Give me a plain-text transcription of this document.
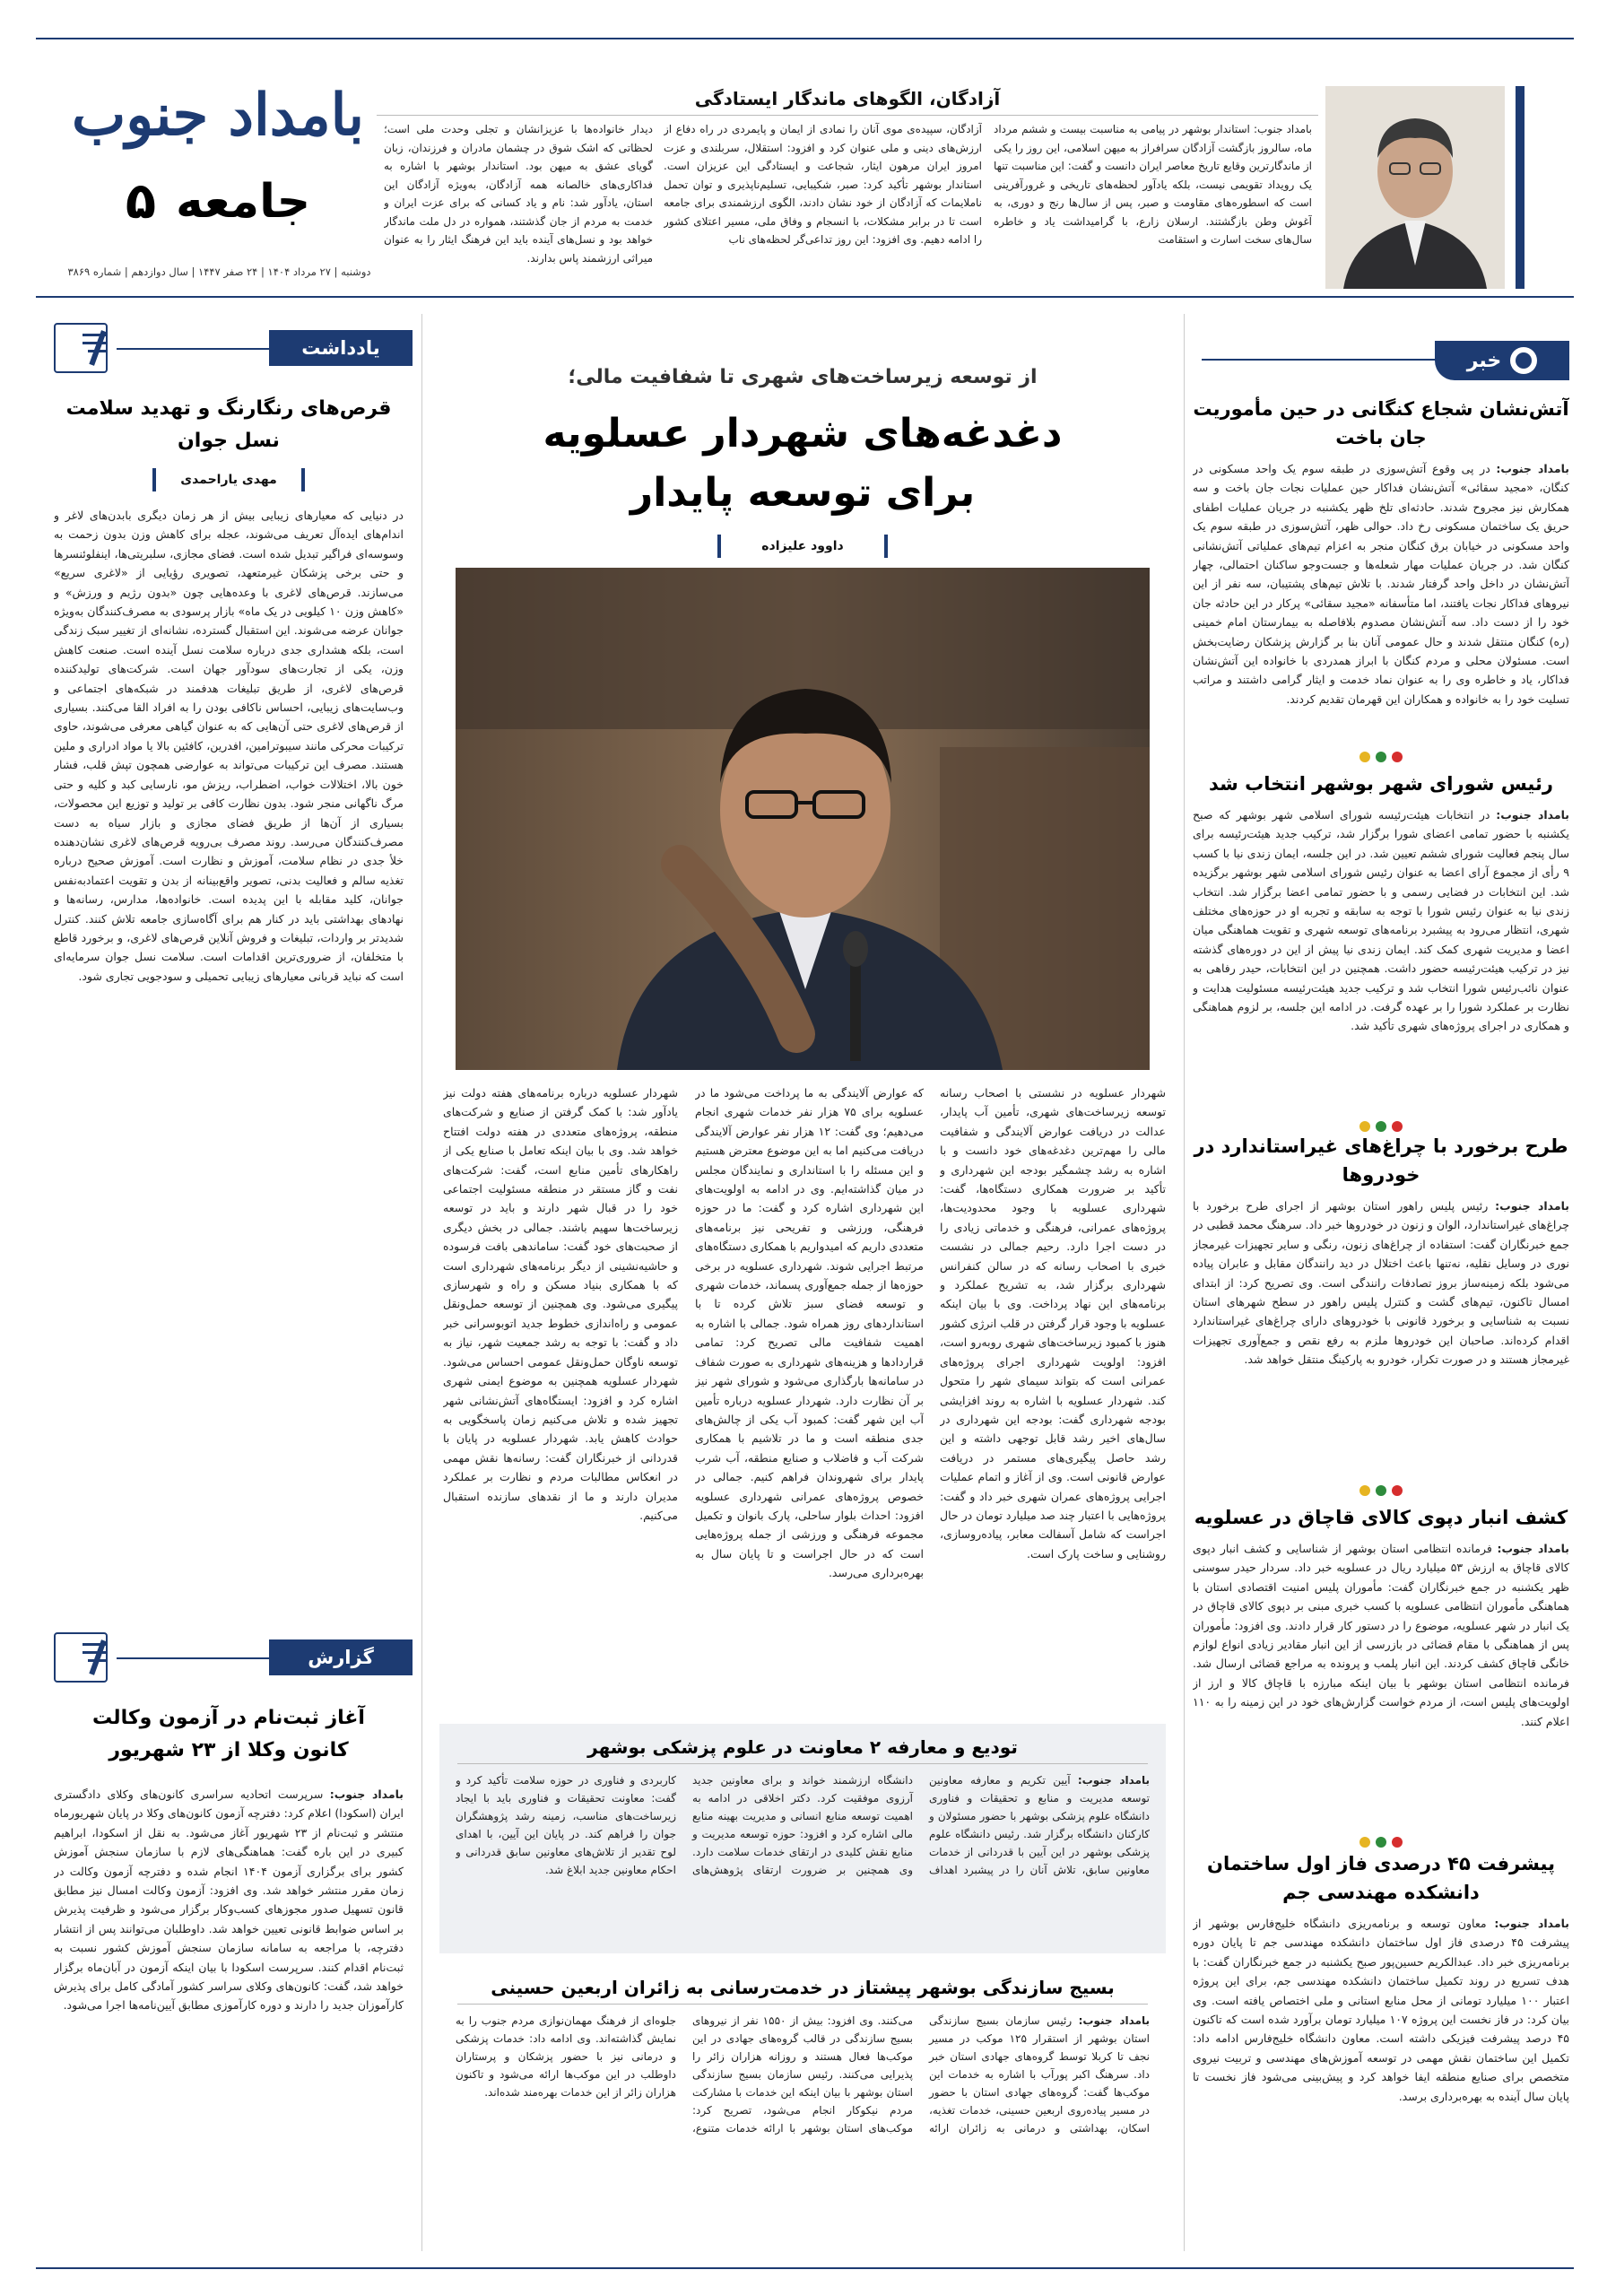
بامداد جنوب
جامعه
۵
دوشنبه | ۲۷ مرداد ۱۴۰۴ | ۲۴ صفر ۱۴۴۷ | سال دوازدهم | شماره ۳۸۶۹
آزادگان، الگوهای ماندگار ایستادگی
بامداد جنوب: استاندار بوشهر در پیامی به مناسبت بیست و ششم مرداد ماه، سالروز بازگشت آزادگان سرافراز به میهن اسلامی، این روز را یکی از ماندگارترین وقایع تاریخ معاصر ایران دانست و گفت: این مناسبت تنها یک رویداد تقویمی نیست، بلکه یادآور لحظه‌های تاریخی و غرورآفرینی است که اسطوره‌های مقاومت و صبر، پس از سال‌ها رنج و دوری، به آغوش وطن بازگشتند. ارسلان زارع، با گرامیداشت یاد و خاطره سال‌های سخت اسارت و استقامت
آزادگان، سپیده‌ی موی آنان را نمادی از ایمان و پایمردی در راه دفاع از ارزش‌های دینی و ملی عنوان کرد و افزود: استقلال، سربلندی و عزت امروز ایران مرهون ایثار، شجاعت و ایستادگی این عزیزان است. استاندار بوشهر تأکید کرد: صبر، شکیبایی، تسلیم‌ناپذیری و توان تحمل ناملایمات که آزادگان از خود نشان دادند، الگوی ارزشمندی برای جامعه است تا در برابر مشکلات، با انسجام و وفاق ملی، مسیر اعتلای کشور را ادامه دهیم. وی افزود: این روز تداعی‌گر لحظه‌های ناب
دیدار خانواده‌ها با عزیزانشان و تجلی وحدت ملی است؛ لحظاتی که اشک شوق در چشمان مادران و فرزندان، زبان گویای عشق به میهن بود. استاندار بوشهر با اشاره به فداکاری‌های خالصانه همه آزادگان، به‌ویژه آزادگان این استان، یادآور شد: نام و یاد کسانی که برای عزت ایران و خدمت به مردم از جان گذشتند، همواره در دل ملت ماندگار خواهد بود و نسل‌های آینده باید این فرهنگ ایثار را به عنوان میراثی ارزشمند پاس بدارند.
خبر
آتش‌نشان شجاع کنگانی در حین مأموریت جان باخت
بامداد جنوب: در پی وقوع آتش‌سوزی در طبقه سوم یک واحد مسکونی در کنگان، «مجید سقائی» آتش‌نشان فداکار حین عملیات نجات جان باخت و سه همکارش نیز مجروح شدند. حادثه‌ای تلخ ظهر یکشنبه در جریان عملیات اطفای حریق یک ساختمان مسکونی رخ داد. حوالی ظهر، آتش‌سوزی در طبقه سوم یک واحد مسکونی در خیابان برق کنگان منجر به اعزام تیم‌های عملیاتی آتش‌نشانی کنگان شد. در جریان عملیات مهار شعله‌ها و جست‌وجو ساکنان احتمالی، چهار آتش‌نشان در داخل واحد گرفتار شدند. با تلاش تیم‌های پشتیبان، سه نفر از این نیروهای فداکار نجات یافتند، اما متأسفانه «مجید سقائی» پرکار در این حادثه جان خود را از دست داد. سه آتش‌نشان مصدوم بلافاصله به بیمارستان امام خمینی (ره) کنگان منتقل شدند و حال عمومی آنان بنا بر گزارش پزشکان رضایت‌بخش است. مسئولان محلی و مردم کنگان با ابراز همدردی با خانواده این آتش‌نشان فداکار، یاد و خاطره وی را به عنوان نماد خدمت و ایثار گرامی داشتند و مراتب تسلیت خود را به خانواده و همکاران این قهرمان تقدیم کردند.
رئیس شورای شهر بوشهر انتخاب شد
بامداد جنوب: در انتخابات هیئت‌رئیسه شورای اسلامی شهر بوشهر که صبح یکشنبه با حضور تمامی اعضای شورا برگزار شد، ترکیب جدید هیئت‌رئیسه برای سال پنجم فعالیت شورای ششم تعیین شد. در این جلسه، ایمان زندی نیا با کسب ۹ رأی از مجموع آرای اعضا به عنوان رئیس شورای اسلامی شهر بوشهر برگزیده شد. این انتخابات در فضایی رسمی و با حضور تمامی اعضا برگزار شد. انتخاب زندی نیا به عنوان رئیس شورا با توجه به سابقه و تجربه او در حوزه‌های مختلف شهری، انتظار می‌رود به پیشبرد برنامه‌های توسعه شهری و تقویت هماهنگی میان اعضا و مدیریت شهری کمک کند. ایمان زندی نیا پیش از این در دوره‌های گذشته نیز در ترکیب هیئت‌رئیسه حضور داشت. همچنین در این انتخابات، حیدر رفاهی به عنوان نائب‌رئیس شورا انتخاب شد و ترکیب جدید هیئت‌رئیسه مسئولیت هدایت و نظارت بر عملکرد شورا را بر عهده گرفت. در ادامه این جلسه، بر لزوم هماهنگی و همکاری در اجرای پروژه‌های شهری تأکید شد.
طرح برخورد با چراغ‌های غیراستاندارد در خودروها
بامداد جنوب: رئیس پلیس راهور استان بوشهر از اجرای طرح برخورد با چراغ‌های غیراستاندارد، الوان و زنون در خودروها خبر داد. سرهنگ محمد قطبی در جمع خبرنگاران گفت: استفاده از چراغ‌های زنون، رنگی و سایر تجهیزات غیرمجاز نوری در وسایل نقلیه، نه‌تنها باعث اختلال در دید رانندگان مقابل و عابران پیاده می‌شود بلکه زمینه‌ساز بروز تصادفات رانندگی است. وی تصریح کرد: از ابتدای امسال تاکنون، تیم‌های گشت و کنترل پلیس راهور در سطح شهرهای استان نسبت به شناسایی و برخورد قانونی با خودروهای دارای چراغ‌های غیراستاندارد اقدام کرده‌اند. صاحبان این خودروها ملزم به رفع نقص و جمع‌آوری تجهیزات غیرمجاز هستند و در صورت تکرار، خودرو به پارکینگ منتقل خواهد شد.
کشف انبار دپوی کالای قاچاق در عسلویه
بامداد جنوب: فرمانده انتظامی استان بوشهر از شناسایی و کشف انبار دپوی کالای قاچاق به ارزش ۵۳ میلیارد ریال در عسلویه خبر داد. سردار حیدر سوسنی ظهر یکشنبه در جمع خبرنگاران گفت: مأموران پلیس امنیت اقتصادی استان با هماهنگی مأموران انتظامی عسلویه با کسب خبری مبنی بر دپوی کالای قاچاق در یک انبار در شهر عسلویه، موضوع را در دستور کار قرار دادند. وی افزود: مأموران پس از هماهنگی با مقام قضائی در بازرسی از این انبار مقادیر زیادی انواع لوازم خانگی قاچاق کشف کردند. این انبار پلمب و پرونده به مراجع قضائی ارسال شد. فرمانده انتظامی استان بوشهر با بیان اینکه مبارزه با قاچاق کالا و ارز از اولویت‌های پلیس است، از مردم خواست گزارش‌های خود در این زمینه را به ۱۱۰ اعلام کنند.
پیشرفت ۴۵ درصدی فاز اول ساختمان دانشکده مهندسی جم
بامداد جنوب: معاون توسعه و برنامه‌ریزی دانشگاه خلیج‌فارس بوشهر از پیشرفت ۴۵ درصدی فاز اول ساختمان دانشکده مهندسی جم تا پایان دوره برنامه‌ریزی خبر داد. عبدالکریم حسین‌پور صبح یکشنبه در جمع خبرنگاران گفت: با هدف تسریع در روند تکمیل ساختمان دانشکده مهندسی جم، برای این پروژه اعتبار ۱۰۰ میلیارد تومانی از محل منابع استانی و ملی اختصاص یافته است. وی بیان کرد: در فاز نخست این پروژه ۱۰۷ میلیارد تومان برآورد شده است که تاکنون ۴۵ درصد پیشرفت فیزیکی داشته است. معاون دانشگاه خلیج‌فارس ادامه داد: تکمیل این ساختمان نقش مهمی در توسعه آموزش‌های مهندسی و تربیت نیروی متخصص برای صنایع منطقه ایفا خواهد کرد و پیش‌بینی می‌شود فاز نخست تا پایان سال آینده به بهره‌برداری برسد.
از توسعه زیرساخت‌های شهری تا شفافیت مالی؛
دغدغه‌های شهردار عسلویه
برای توسعه پایدار
داوود علیزاده
شهردار عسلویه در نشستی با اصحاب رسانه توسعه زیرساخت‌های شهری، تأمین آب پایدار، عدالت در دریافت عوارض آلایندگی و شفافیت مالی را مهم‌ترین دغدغه‌های خود دانست و با اشاره به رشد چشمگیر بودجه این شهرداری و تأکید بر ضرورت همکاری دستگاه‌ها، گفت: شهرداری عسلویه با وجود محدودیت‌ها، پروژه‌های عمرانی، فرهنگی و خدماتی زیادی را در دست اجرا دارد. رحیم جمالی در نشست خبری با اصحاب رسانه که در سالن کنفرانس شهرداری برگزار شد، به تشریح عملکرد و برنامه‌های این نهاد پرداخت. وی با بیان اینکه عسلویه با وجود قرار گرفتن در قلب انرژی کشور هنوز با کمبود زیرساخت‌های شهری روبه‌رو است، افزود: اولویت شهرداری اجرای پروژه‌های عمرانی است که بتواند سیمای شهر را متحول کند. شهردار عسلویه با اشاره به روند افزایشی بودجه شهرداری گفت: بودجه این شهرداری در سال‌های اخیر رشد قابل توجهی داشته و این رشد حاصل پیگیری‌های مستمر در دریافت عوارض قانونی است. وی از آغاز و اتمام عملیات اجرایی پروژه‌های عمران شهری خبر داد و گفت: پروژه‌هایی با اعتبار چند صد میلیارد تومان در حال اجراست که شامل آسفالت معابر، پیاده‌روسازی، روشنایی و ساخت پارک است.
که عوارض آلایندگی به ما پرداخت می‌شود ما در عسلویه برای ۷۵ هزار نفر خدمات شهری انجام می‌دهیم؛ وی گفت: ۱۲ هزار نفر عوارض آلایندگی دریافت می‌کنیم اما به این موضوع معترض هستیم و این مسئله را با استانداری و نمایندگان مجلس در میان گذاشته‌ایم. وی در ادامه به اولویت‌های این شهرداری اشاره کرد و گفت: ما در حوزه فرهنگی، ورزشی و تفریحی نیز برنامه‌های متعددی داریم که امیدواریم با همکاری دستگاه‌های مرتبط اجرایی شوند. شهرداری عسلویه در برخی حوزه‌ها از جمله جمع‌آوری پسماند، خدمات شهری و توسعه فضای سبز تلاش کرده تا با استانداردهای روز همراه شود. جمالی با اشاره به اهمیت شفافیت مالی تصریح کرد: تمامی قراردادها و هزینه‌های شهرداری به صورت شفاف در سامانه‌ها بارگذاری می‌شود و شورای شهر نیز بر آن نظارت دارد. شهردار عسلویه درباره تأمین آب این شهر گفت: کمبود آب یکی از چالش‌های جدی منطقه است و ما در تلاشیم با همکاری شرکت آب و فاضلاب و صنایع منطقه، آب شرب پایدار برای شهروندان فراهم کنیم. جمالی در خصوص پروژه‌های عمرانی شهرداری عسلویه افزود: احداث بلوار ساحلی، پارک بانوان و تکمیل مجموعه فرهنگی و ورزشی از جمله پروژه‌هایی است که در حال اجراست و تا پایان سال به بهره‌برداری می‌رسد.
شهردار عسلویه درباره برنامه‌های هفته دولت نیز یادآور شد: با کمک گرفتن از صنایع و شرکت‌های منطقه، پروژه‌های متعددی در هفته دولت افتتاح خواهد شد. وی با بیان اینکه تعامل با صنایع یکی از راهکارهای تأمین منابع است، گفت: شرکت‌های نفت و گاز مستقر در منطقه مسئولیت اجتماعی خود را در قبال شهر دارند و باید در توسعه زیرساخت‌ها سهیم باشند. جمالی در بخش دیگری از صحبت‌های خود گفت: ساماندهی بافت فرسوده و حاشیه‌نشینی از دیگر برنامه‌های شهرداری است که با همکاری بنیاد مسکن و راه و شهرسازی پیگیری می‌شود. وی همچنین از توسعه حمل‌ونقل عمومی و راه‌اندازی خطوط جدید اتوبوسرانی خبر داد و گفت: با توجه به رشد جمعیت شهر، نیاز به توسعه ناوگان حمل‌ونقل عمومی احساس می‌شود. شهردار عسلویه همچنین به موضوع ایمنی شهری اشاره کرد و افزود: ایستگاه‌های آتش‌نشانی شهر تجهیز شده و تلاش می‌کنیم زمان پاسخگویی به حوادث کاهش یابد. شهردار عسلویه در پایان با قدردانی از خبرنگاران گفت: رسانه‌ها نقش مهمی در انعکاس مطالبات مردم و نظارت بر عملکرد مدیران دارند و ما از نقدهای سازنده استقبال می‌کنیم.
تودیع و معارفه ۲ معاونت در علوم پزشکی بوشهر
بامداد جنوب: آیین تکریم و معارفه معاونین توسعه مدیریت و منابع و تحقیقات و فناوری دانشگاه علوم پزشکی بوشهر با حضور مسئولان و کارکنان دانشگاه برگزار شد. رئیس دانشگاه علوم پزشکی بوشهر در این آیین با قدردانی از خدمات معاونین سابق، تلاش آنان را در پیشبرد اهداف دانشگاه ارزشمند خواند و برای معاونین جدید آرزوی موفقیت کرد. دکتر اخلاقی در ادامه به اهمیت توسعه منابع انسانی و مدیریت بهینه منابع مالی اشاره کرد و افزود: حوزه توسعه مدیریت و منابع نقش کلیدی در ارتقای خدمات سلامت دارد. وی همچنین بر ضرورت ارتقای پژوهش‌های کاربردی و فناوری در حوزه سلامت تأکید کرد و گفت: معاونت تحقیقات و فناوری باید با ایجاد زیرساخت‌های مناسب، زمینه رشد پژوهشگران جوان را فراهم کند. در پایان این آیین، با اهدای لوح تقدیر از تلاش‌های معاونین سابق قدردانی و احکام معاونین جدید ابلاغ شد.
بسیج سازندگی بوشهر پیشتاز در خدمت‌رسانی به زائران اربعین حسینی
بامداد جنوب: رئیس سازمان بسیج سازندگی استان بوشهر از استقرار ۱۲۵ موکب در مسیر نجف تا کربلا توسط گروه‌های جهادی استان خبر داد. سرهنگ اکبر پورآب با اشاره به خدمات این موکب‌ها گفت: گروه‌های جهادی استان با حضور در مسیر پیاده‌روی اربعین حسینی، خدمات تغذیه، اسکان، بهداشتی و درمانی به زائران ارائه می‌کنند. وی افزود: بیش از ۱۵۵۰ نفر از نیروهای بسیج سازندگی در قالب گروه‌های جهادی در این موکب‌ها فعال هستند و روزانه هزاران زائر را پذیرایی می‌کنند. رئیس سازمان بسیج سازندگی استان بوشهر با بیان اینکه این خدمات با مشارکت مردم نیکوکار انجام می‌شود، تصریح کرد: موکب‌های استان بوشهر با ارائه خدمات متنوع، جلوه‌ای از فرهنگ مهمان‌نوازی مردم جنوب را به نمایش گذاشته‌اند. وی ادامه داد: خدمات پزشکی و درمانی نیز با حضور پزشکان و پرستاران داوطلب در این موکب‌ها ارائه می‌شود و تاکنون هزاران زائر از این خدمات بهره‌مند شده‌اند.
یادداشت
قرص‌های رنگارنگ و تهدید سلامت نسل جوان
مهدی یاراحمدی
در دنیایی که معیارهای زیبایی بیش از هر زمان دیگری بابدن‌های لاغر و اندام‌های ایده‌آل تعریف می‌شوند، عجله برای کاهش وزن بدون زحمت به وسوسه‌ای فراگیر تبدیل شده است. فضای مجازی، سلبریتی‌ها، اینفلوئنسرها و حتی برخی پزشکان غیرمتعهد، تصویری رؤیایی از «لاغری سریع» می‌سازند. قرص‌های لاغری با وعده‌هایی چون «بدون رژیم و ورزش» و «کاهش وزن ۱۰ کیلویی در یک ماه» بازار پرسودی به مصرف‌کنندگان به‌ویژه جوانان عرضه می‌شوند. این استقبال گسترده، نشانه‌ای از تغییر سبک زندگی است، بلکه هشداری جدی درباره سلامت نسل آینده است. صنعت کاهش وزن، یکی از تجارت‌های سودآور جهان است. شرکت‌های تولیدکننده قرص‌های لاغری، از طریق تبلیغات هدفمند در شبکه‌های اجتماعی و وب‌سایت‌های زیبایی، احساس ناکافی بودن را به افراد القا می‌کنند. بسیاری از قرص‌های لاغری حتی آن‌هایی که به عنوان گیاهی معرفی می‌شوند، حاوی ترکیبات محرکی مانند سیبوترامین، افدرین، کافئین بالا یا مواد ادراری و ملین هستند. مصرف این ترکیبات می‌تواند به عوارضی همچون تپش قلب، فشار خون بالا، اختلالات خواب، اضطراب، ریزش مو، نارسایی کبد و کلیه و حتی مرگ ناگهانی منجر شود. بدون نظارت کافی بر تولید و توزیع این محصولات، بسیاری از آن‌ها از طریق فضای مجازی و بازار سیاه به دست مصرف‌کنندگان می‌رسد. روند مصرف بی‌رویه قرص‌های لاغری نشان‌دهنده خلأ جدی در نظام سلامت، آموزش و نظارت است. آموزش صحیح درباره تغذیه سالم و فعالیت بدنی، تصویر واقع‌بینانه از بدن و تقویت اعتمادبه‌نفس جوانان، کلید مقابله با این پدیده است. خانواده‌ها، مدارس، رسانه‌ها و نهادهای بهداشتی باید در کنار هم برای آگاه‌سازی جامعه تلاش کنند. کنترل شدیدتر بر واردات، تبلیغات و فروش آنلاین قرص‌های لاغری، و برخورد قاطع با متخلفان، از ضروری‌ترین اقدامات است. سلامت نسل جوان سرمایه‌ای است که نباید قربانی معیارهای زیبایی تحمیلی و سودجویی تجاری شود.
گزارش
آغاز ثبت‌نام در آزمون وکالت کانون وکلا از ۲۳ شهریور
بامداد جنوب: سرپرست اتحادیه سراسری کانون‌های وکلای دادگستری ایران (اسکودا) اعلام کرد: دفترچه آزمون کانون‌های وکلا در پایان شهریورماه منتشر و ثبت‌نام از ۲۳ شهریور آغاز می‌شود. به نقل از اسکودا، ابراهیم کبیری در این باره گفت: هماهنگی‌های لازم با سازمان سنجش آموزش کشور برای برگزاری آزمون ۱۴۰۴ انجام شده و دفترچه آزمون وکالت در زمان مقرر منتشر خواهد شد. وی افزود: آزمون وکالت امسال نیز مطابق قانون تسهیل صدور مجوزهای کسب‌وکار برگزار می‌شود و ظرفیت پذیرش بر اساس ضوابط قانونی تعیین خواهد شد. داوطلبان می‌توانند پس از انتشار دفترچه، با مراجعه به سامانه سازمان سنجش آموزش کشور نسبت به ثبت‌نام اقدام کنند. سرپرست اسکودا با بیان اینکه آزمون در آبان‌ماه برگزار خواهد شد، گفت: کانون‌های وکلای سراسر کشور آمادگی کامل برای پذیرش کارآموزان جدید را دارند و دوره کارآموزی مطابق آیین‌نامه‌ها اجرا می‌شود.
